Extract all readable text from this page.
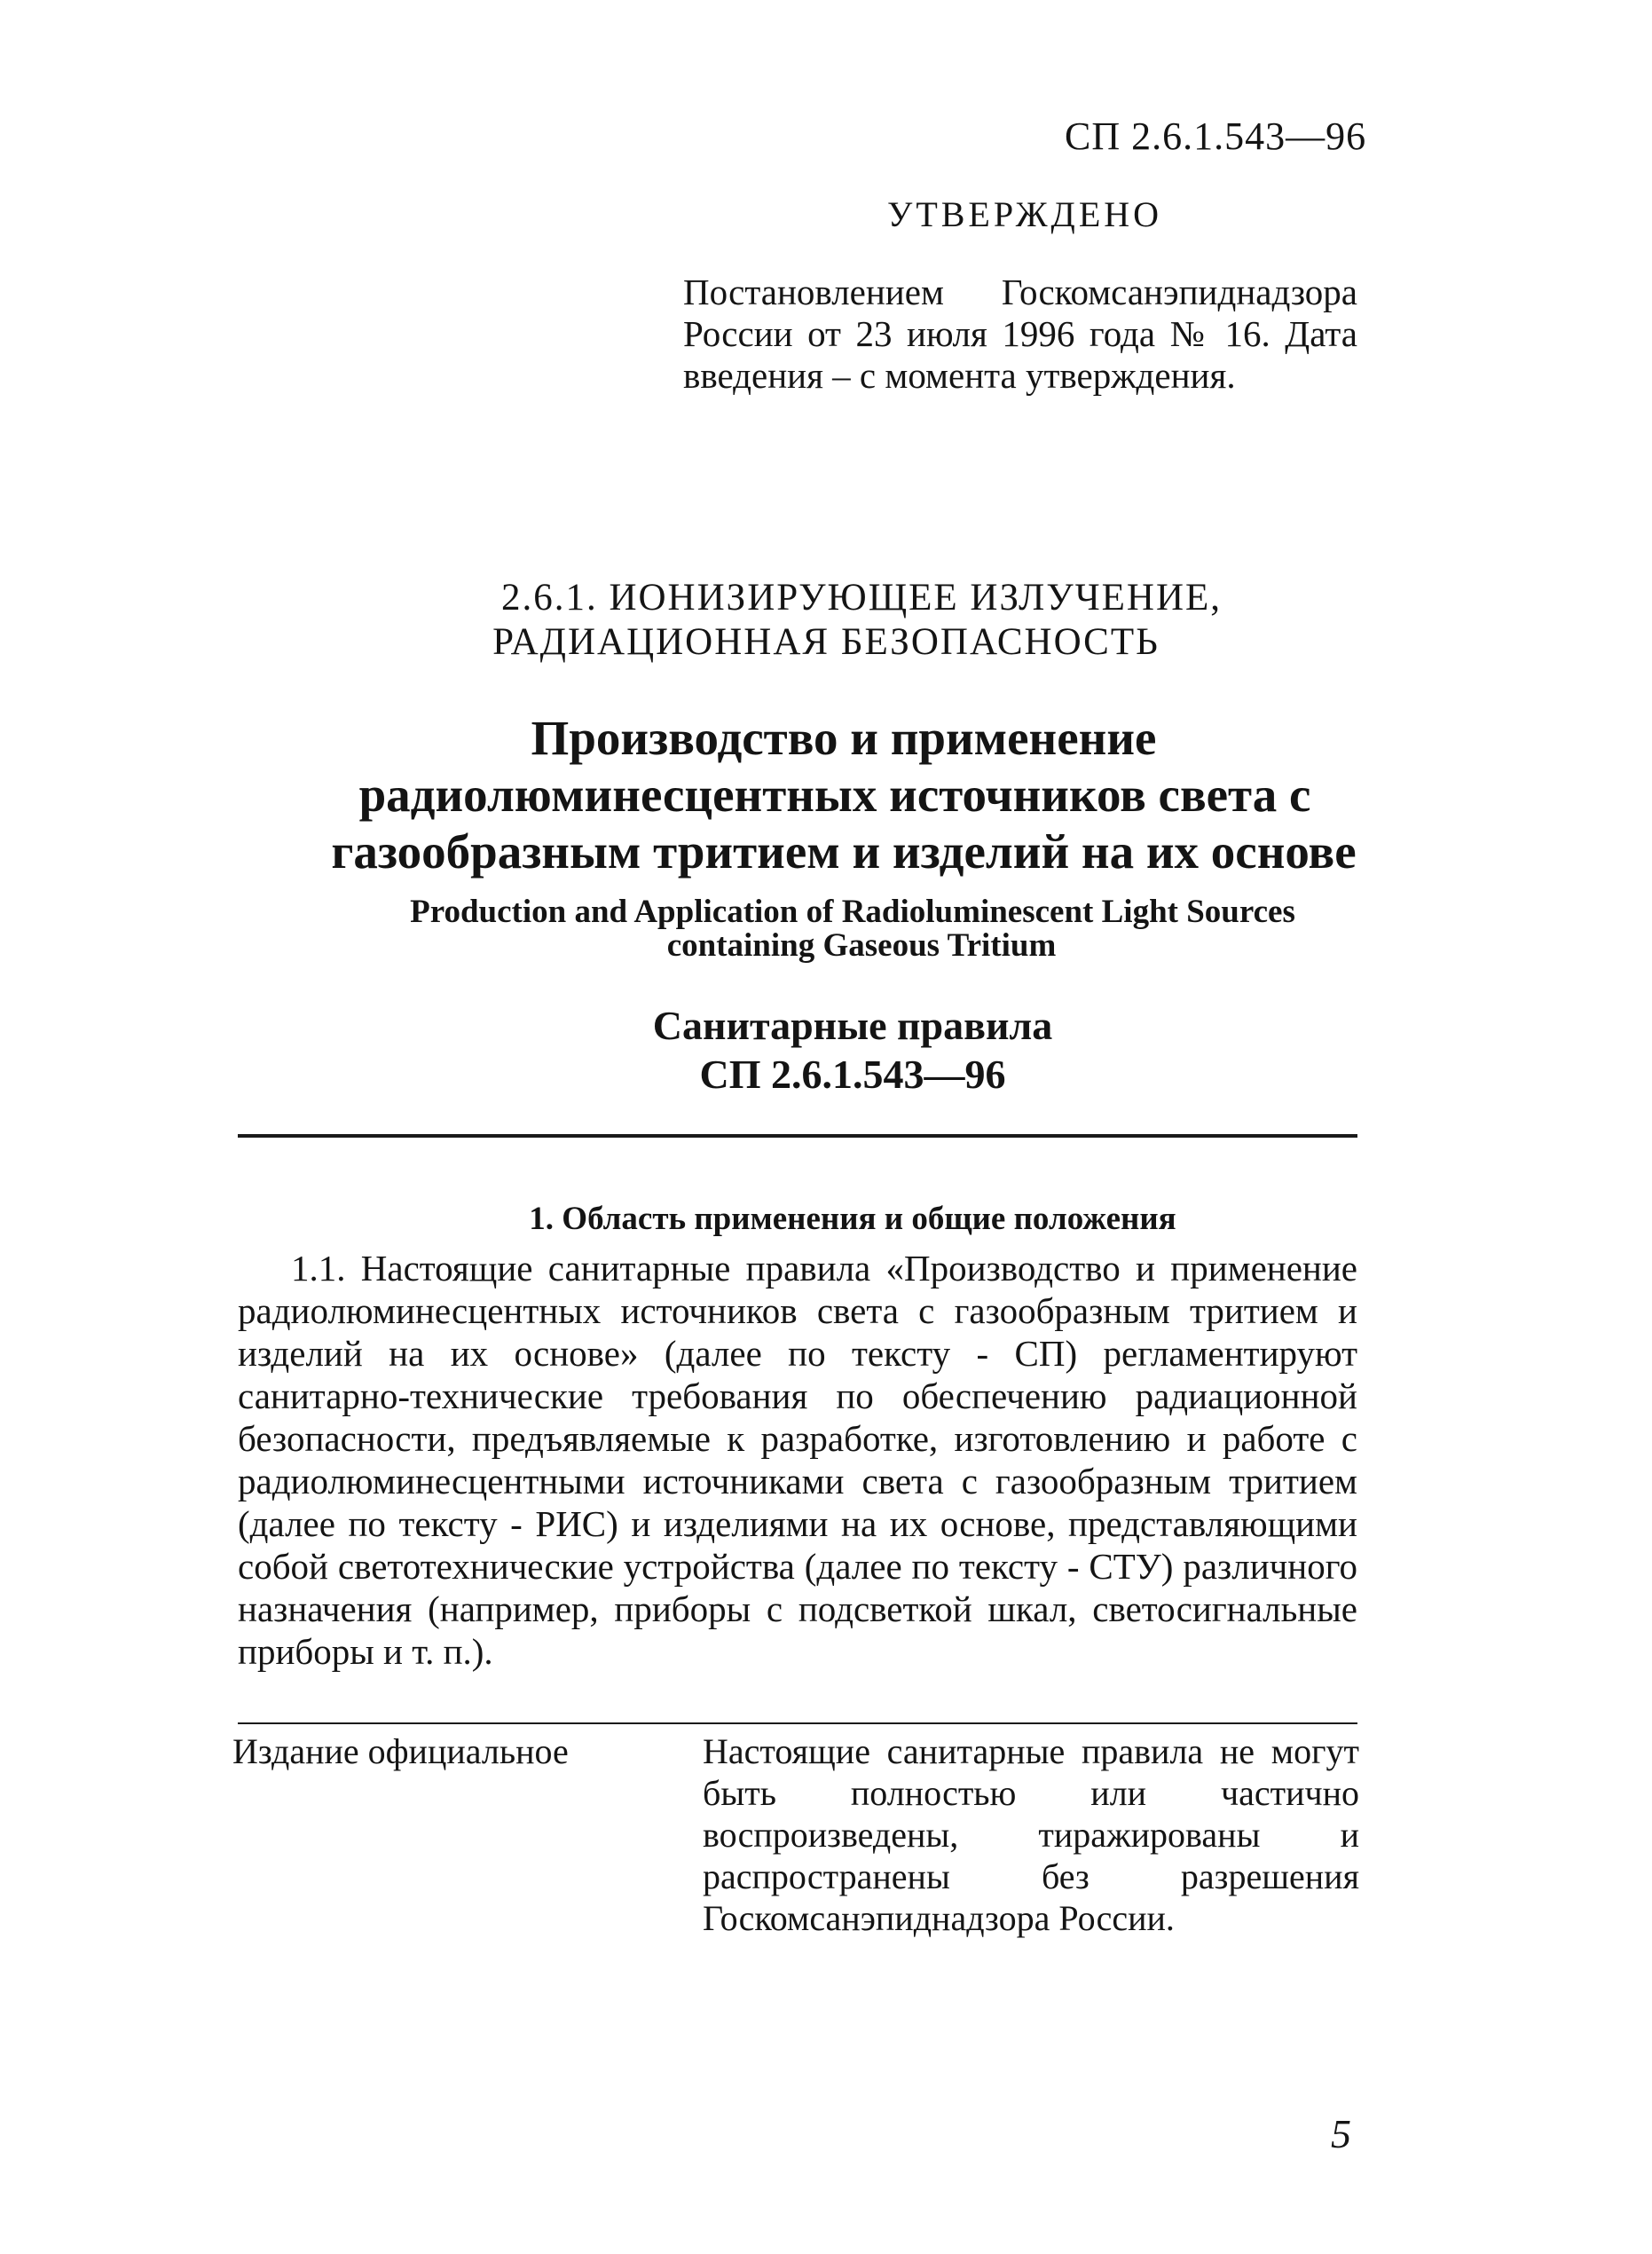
СП 2.6.1.543—96
УТВЕРЖДЕНО
Постановлением Госкомсанэпиднадзора России от 23 июля 1996 года № 16. Дата введения – с момента утверждения.
2.6.1. ИОНИЗИРУЮЩЕЕ ИЗЛУЧЕНИЕ,
РАДИАЦИОННАЯ БЕЗОПАСНОСТЬ
Производство и применение
радиолюминесцентных источников света с
газообразным тритием и изделий на их основе
Production and Application of Radioluminescent Light Sources
containing Gaseous Tritium
Санитарные правила
СП 2.6.1.543—96
1. Область применения и общие положения
1.1. Настоящие санитарные правила «Производство и применение радиолюминесцентных источников света с газообразным тритием и изделий на их основе» (далее по тексту - СП) регламентируют санитарно-технические требования по обеспечению радиационной безопасности, предъявляемые к разработке, изготовлению и работе с радиолюминесцентными источниками света с газообразным тритием (далее по тексту - РИС) и изделиями на их основе, представляющими собой светотехнические устройства (далее по тексту - СТУ) различного назначения (например, приборы с подсветкой шкал, светосигнальные приборы и т. п.).
Издание официальное	Настоящие санитарные правила не могут быть полностью или частично воспроизведены, тиражированы и распространены без разрешения Госкомсанэпиднадзора России.
5
